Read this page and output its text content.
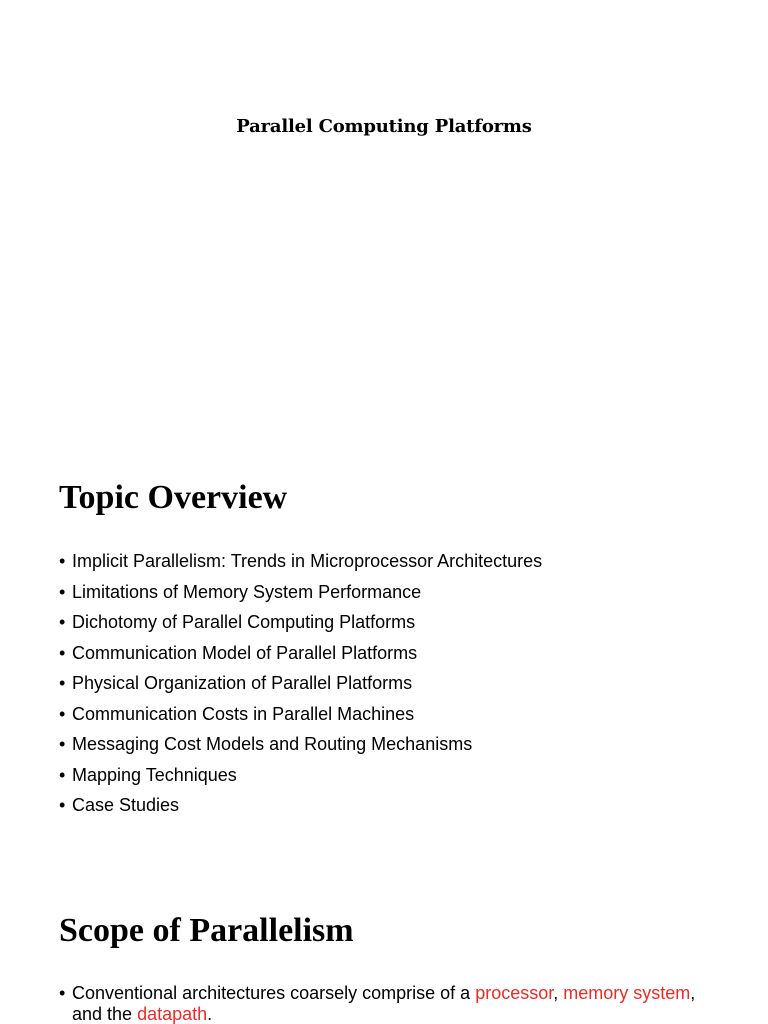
Parallel Computing Platforms
Topic Overview
• Implicit Parallelism: Trends in Microprocessor Architectures
• Limitations of Memory System Performance
• Dichotomy of Parallel Computing Platforms
• Communication Model of Parallel Platforms
• Physical Organization of Parallel Platforms
• Communication Costs in Parallel Machines
• Messaging Cost Models and Routing Mechanisms
• Mapping Techniques
• Case Studies
Scope of Parallelism
• Conventional architectures coarsely comprise of a processor, memory system,
and the datapath.
